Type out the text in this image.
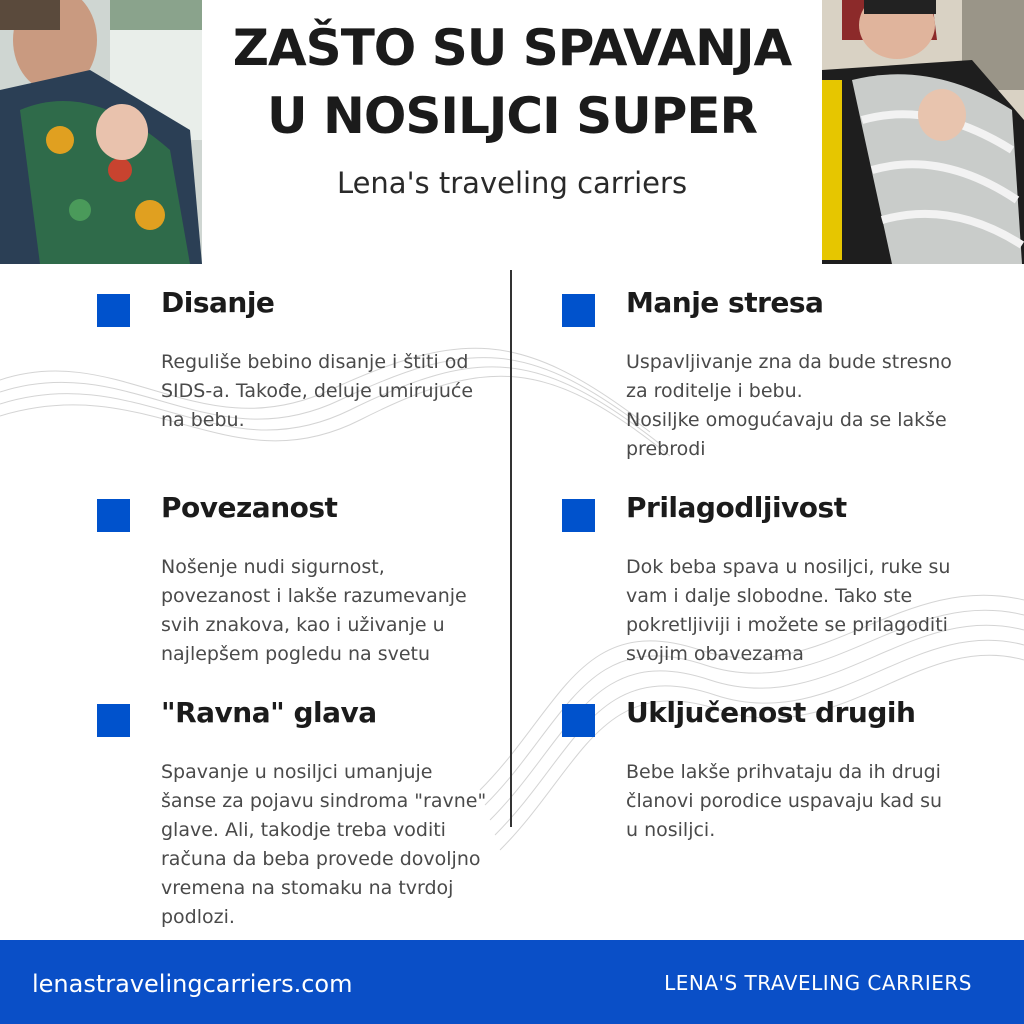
ZAŠTO SU SPAVANJA U NOSILJCI SUPER
Lena's traveling carriers
Disanje
Reguliše bebino disanje i štiti od SIDS-a. Takođe, deluje umirujuće na bebu.
Povezanost
Nošenje nudi sigurnost, povezanost i lakše razumevanje svih znakova, kao i uživanje u najlepšem pogledu na svetu
"Ravna" glava
Spavanje u nosiljci umanjuje šanse za pojavu sindroma "ravne" glave. Ali, takodje treba voditi računa da beba provede dovoljno vremena na stomaku na tvrdoj podlozi.
Manje stresa
Uspavljivanje zna da bude stresno za roditelje i bebu.
Nosiljke omogućavaju da se lakše prebrodi
Prilagodljivost
Dok beba spava u nosiljci, ruke su vam i dalje slobodne. Tako ste pokretljiviji i možete se prilagoditi svojim obavezama
Uključenost drugih
Bebe lakše prihvataju da ih drugi članovi porodice uspavaju kad su u nosiljci.
lenastravelingcarriers.com	LENA'S TRAVELING CARRIERS
